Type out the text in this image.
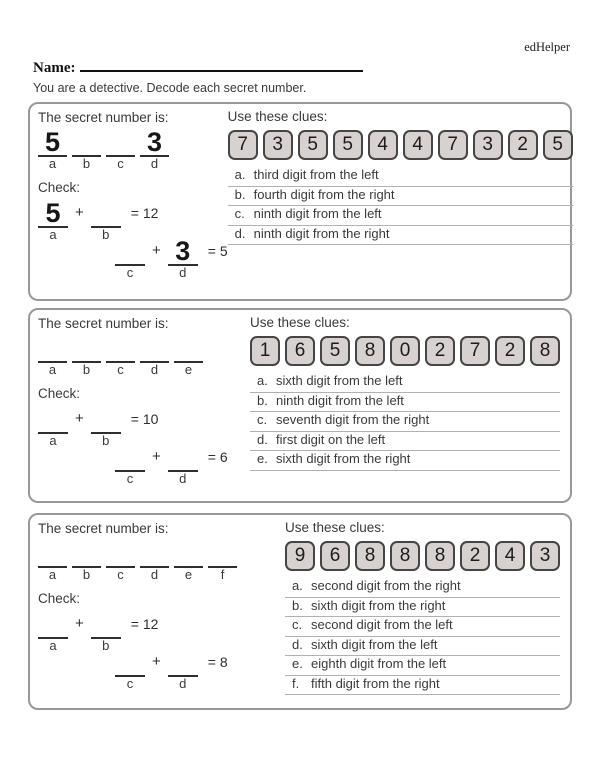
edHelper
Name:
You are a detective. Decode each secret number.
The secret number is:
5
a	b	c
3
d
Check:
5
a
+
b
= 12
c
+ 3
d
= 5
Use these clues:
7	3	5	5	4	4	7	3	2	5
a. third digit from the left
b. fourth digit from the right
c. ninth digit from the left
d. ninth digit from the right
The secret number is:
a	b	c	d	e
Check:
a
+
b
= 10
c
+
d
= 6
Use these clues:
1	6	5	8	0	2	7	2	8
a. sixth digit from the left
b. ninth digit from the left
c. seventh digit from the right
d. first digit on the left
e. sixth digit from the right
The secret number is:
a	b	c	d	e	f
Check:
a
+
b
= 12
c
+
d
= 8
Use these clues:
9	6	8	8	8	2	4	3
a. second digit from the right
b. sixth digit from the right
c. second digit from the left
d. sixth digit from the left
e. eighth digit from the left
f. fifth digit from the right
